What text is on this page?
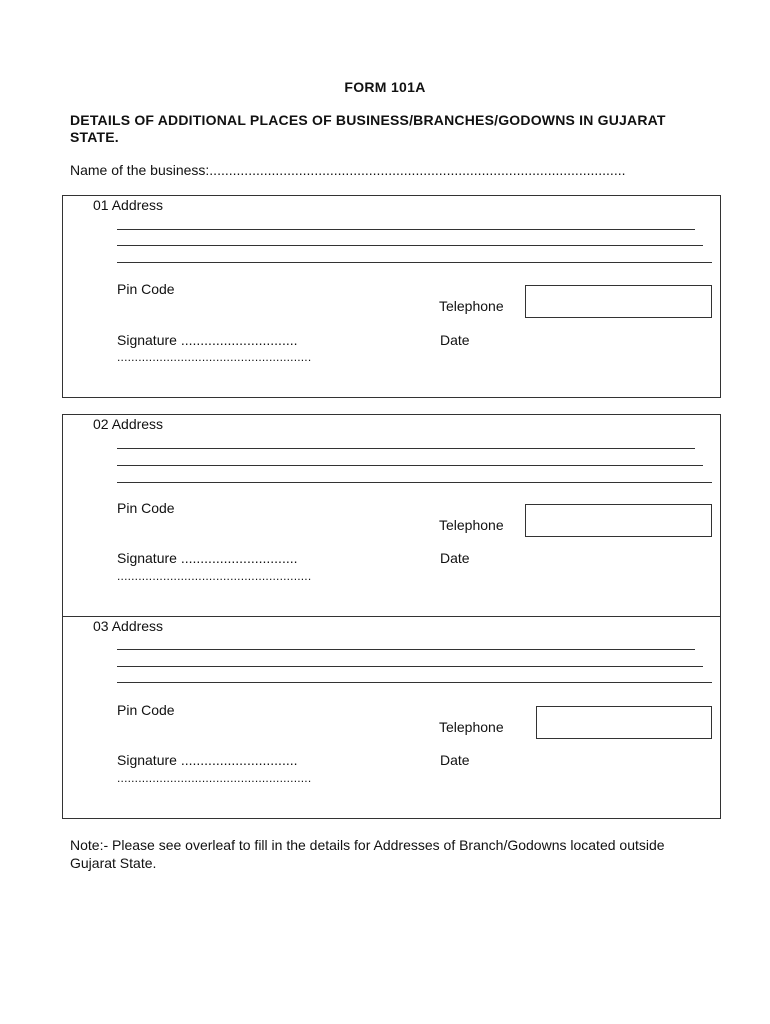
FORM 101A
DETAILS OF ADDITIONAL PLACES OF BUSINESS/BRANCHES/GODOWNS IN GUJARAT STATE.
Name of the business:...........................................................................................................
01 Address
Pin Code
Telephone
Signature ..............................	Date
.......................................................
02 Address
Pin Code
Telephone
Signature ..............................	Date
.......................................................
03 Address
Pin Code
Telephone
Signature ..............................	Date
.......................................................
Note:- Please see overleaf to fill in the details for Addresses of Branch/Godowns located outside Gujarat State.
